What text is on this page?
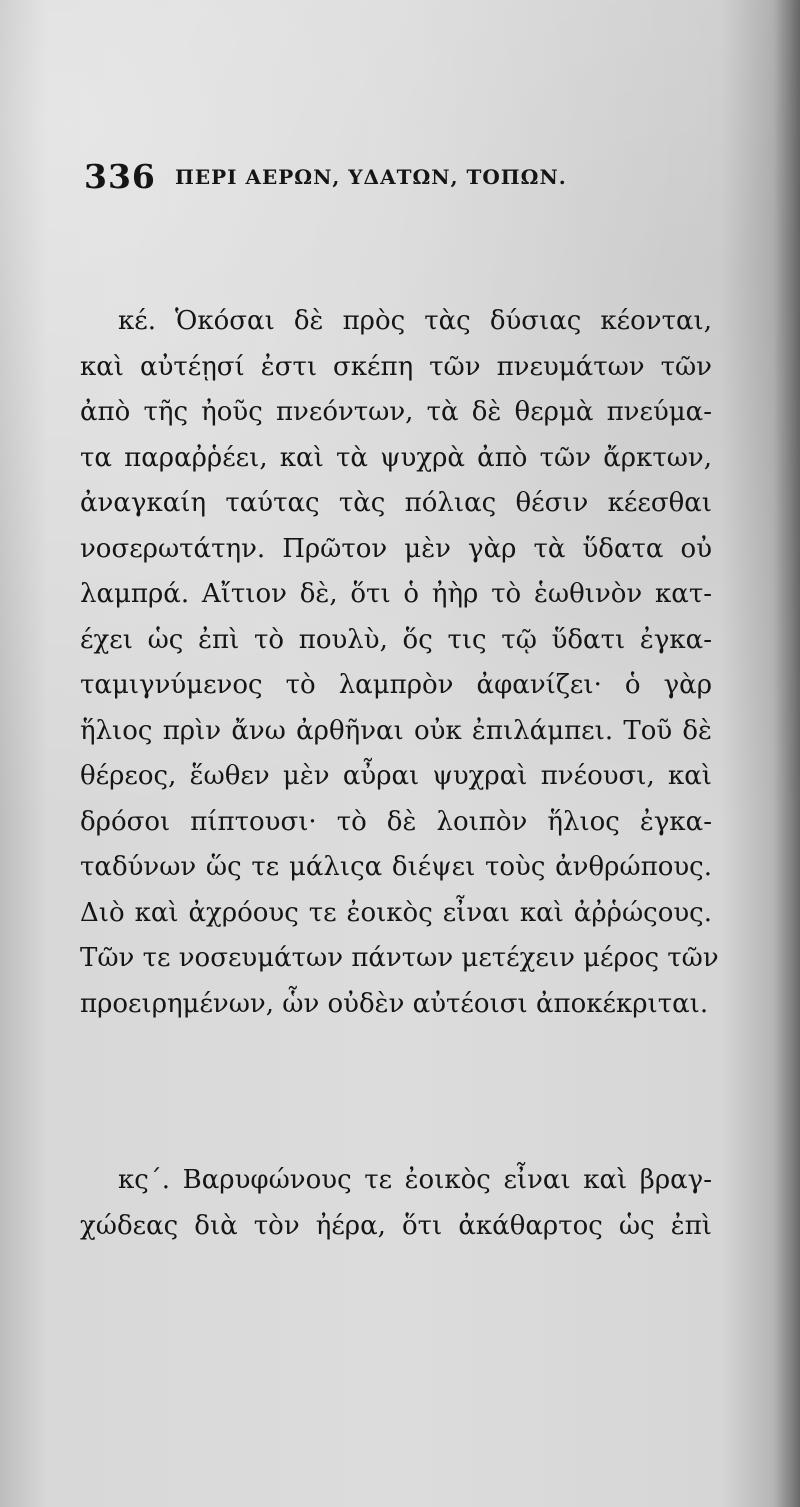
336 ΠΕΡΙ ΑΕΡΩΝ, ΥΔΑΤΩΝ, ΤΟΠΩΝ.
κέ. Ὁκόσαι δὲ πρὸς τὰς δύσιας κέονται,
καὶ αὐτέῃσί ἐστι σκέπη τῶν πνευμάτων τῶν
ἀπὸ τῆς ἠοῦς πνεόντων, τὰ δὲ θερμὰ πνεύμα-
τα παραῤῥέει, καὶ τὰ ψυχρὰ ἀπὸ τῶν ἄρκτων,
ἀναγκαίη ταύτας τὰς πόλιας θέσιν κέεσθαι
νοσερωτάτην. Πρῶτον μὲν γὰρ τὰ ὕδατα οὐ
λαμπρά. Αἴτιον δὲ, ὅτι ὁ ἠὴρ τὸ ἑωθινὸν κατ-
έχει ὡς ἐπὶ τὸ πουλὺ, ὅς τις τῷ ὕδατι ἐγκα-
ταμιγνύμενος τὸ λαμπρὸν ἀφανίζει· ὁ γὰρ
ἥλιος πρὶν ἄνω ἀρθῆναι οὐκ ἐπιλάμπει. Τοῦ δὲ
θέρεος, ἕωθεν μὲν αὖραι ψυχραὶ πνέουσι, καὶ
δρόσοι πίπτουσι· τὸ δὲ λοιπὸν ἥλιος ἐγκα-
ταδύνων ὥς τε μάλιςα διέψει τοὺς ἀνθρώπους.
Διὸ καὶ ἀχρόους τε ἐοικὸς εἶναι καὶ ἀῤῥώςους.
Τῶν τε νοσευμάτων πάντων μετέχειν μέρος τῶν
προειρημένων, ὧν οὐδὲν αὐτέοισι ἀποκέκριται.
κς΄. Βαρυφώνους τε ἐοικὸς εἶναι καὶ βραγ-
χώδεας διὰ τὸν ἠέρα, ὅτι ἀκάθαρτος ὡς ἐπὶ
